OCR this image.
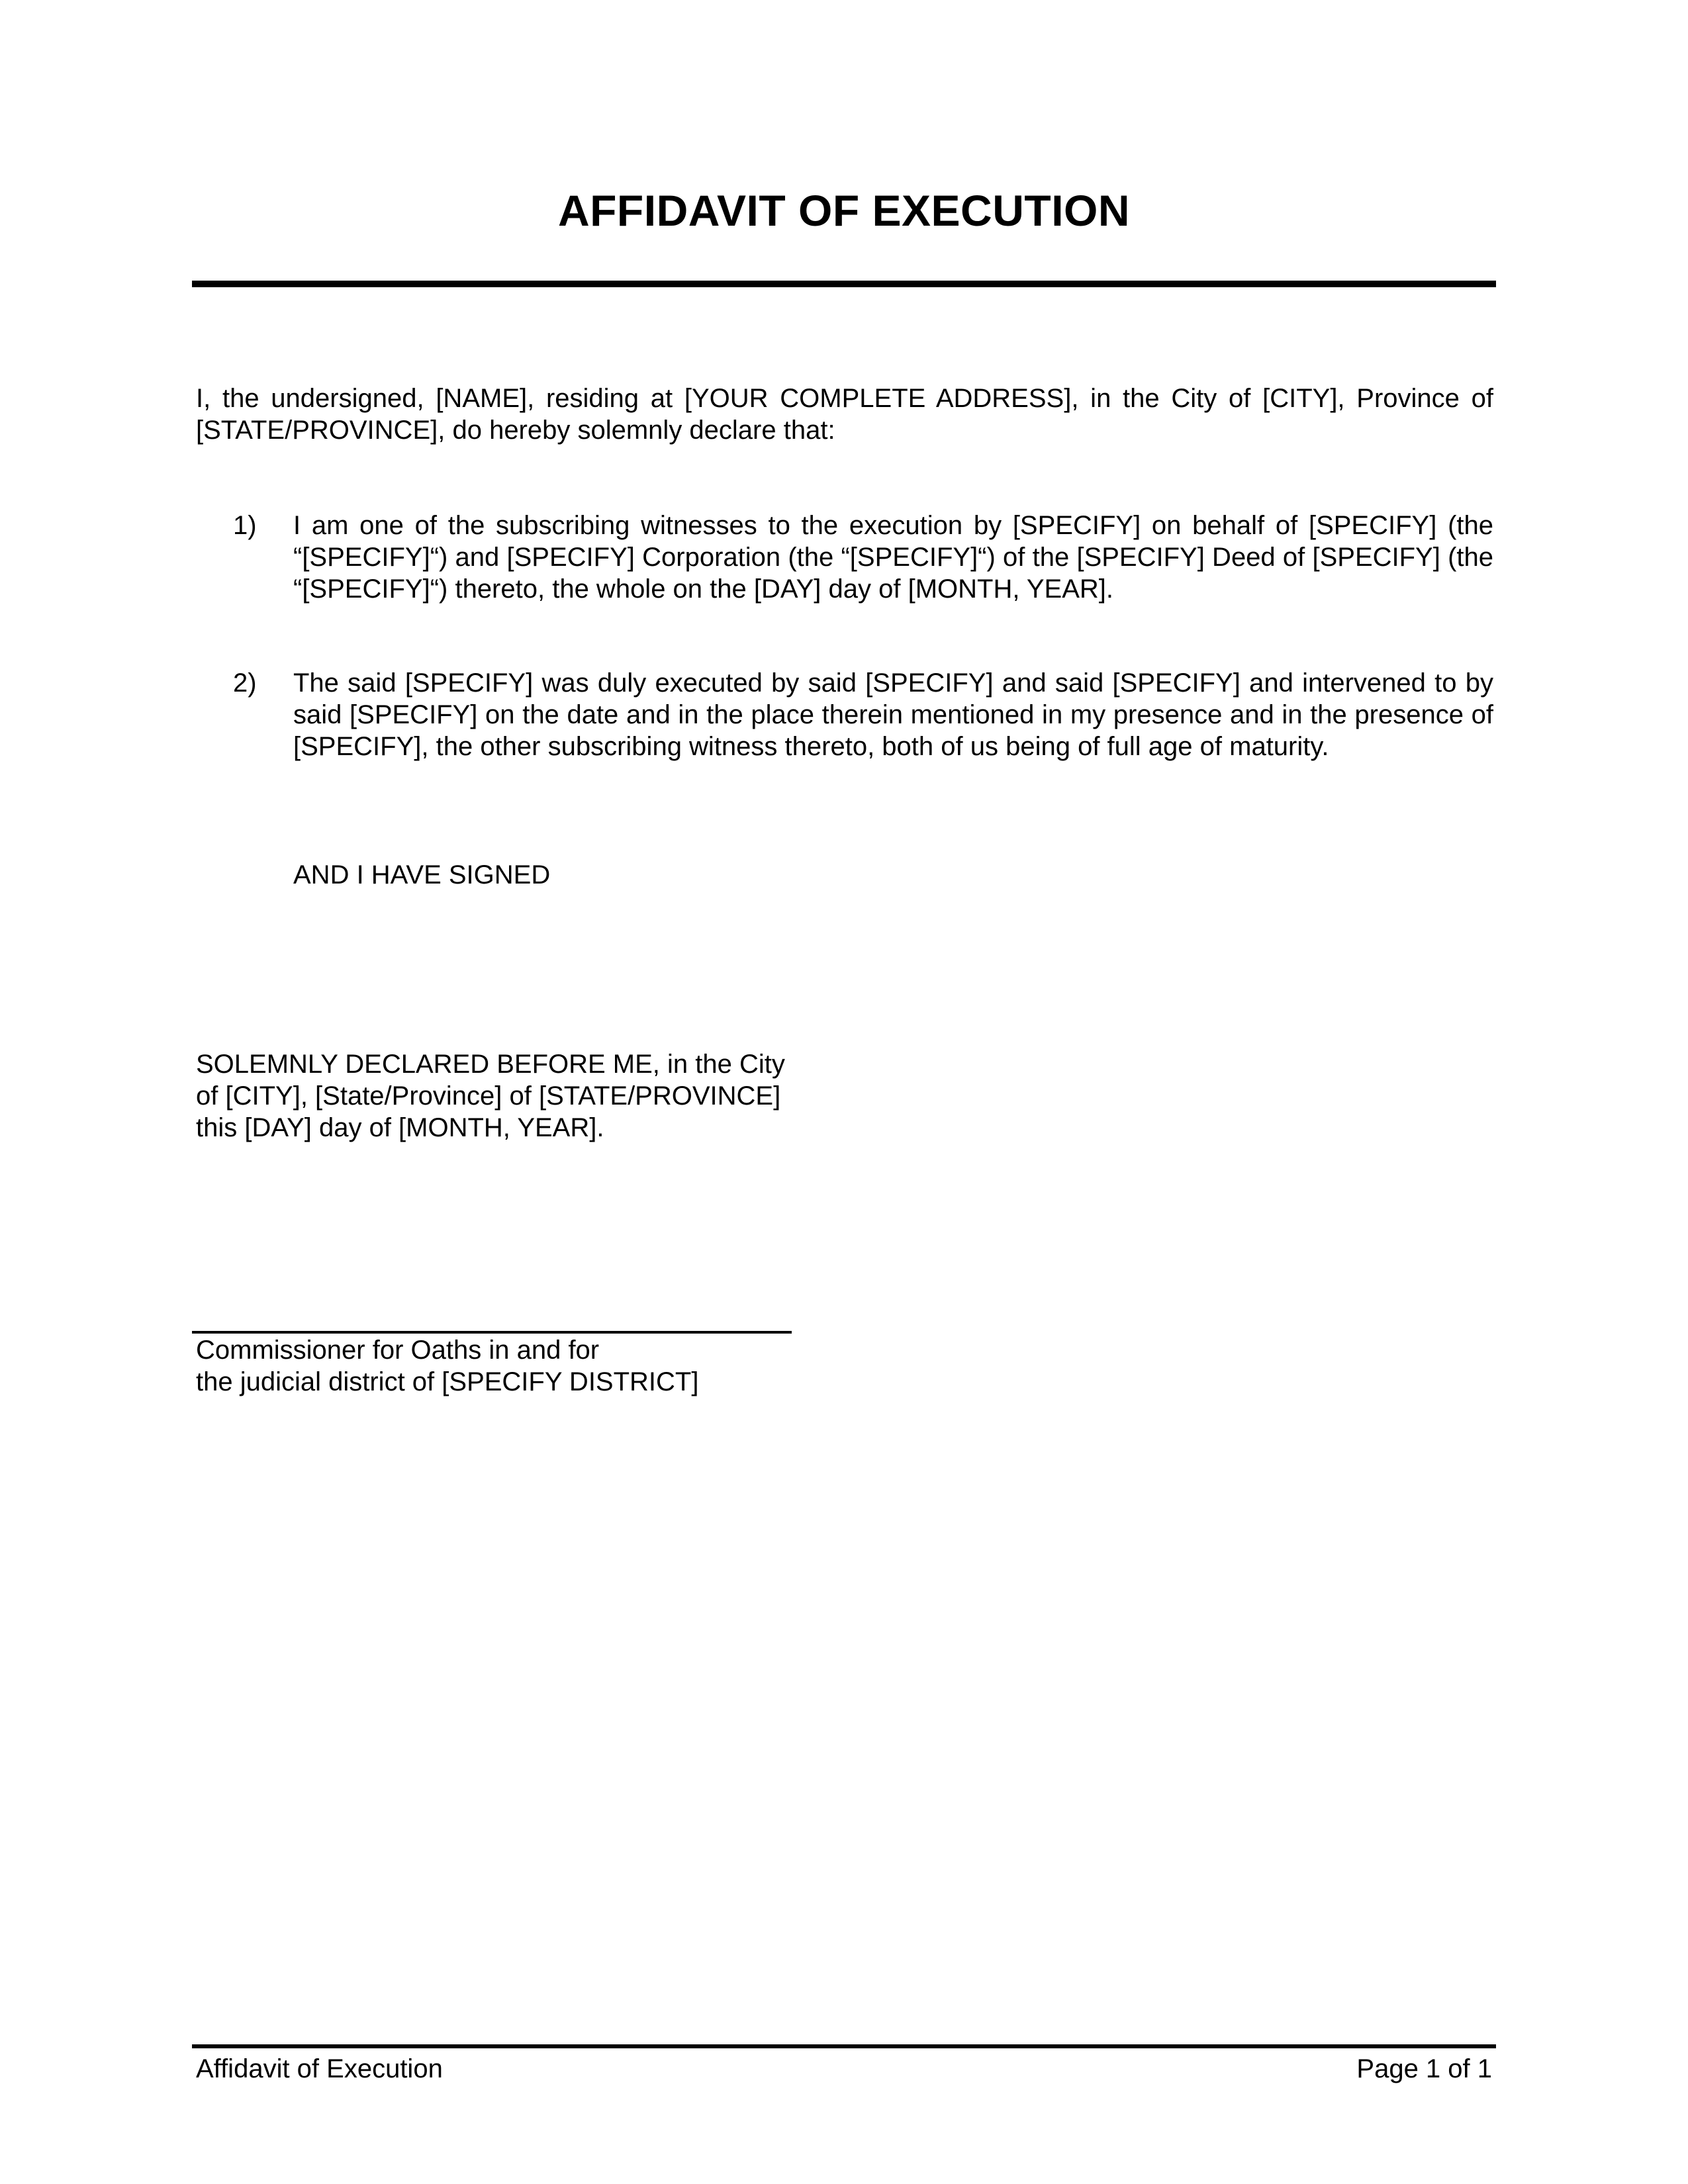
AFFIDAVIT OF EXECUTION
I, the undersigned, [NAME], residing at [YOUR COMPLETE ADDRESS], in the City of [CITY], Province of [STATE/PROVINCE], do hereby solemnly declare that:
1) I am one of the subscribing witnesses to the execution by [SPECIFY] on behalf of [SPECIFY] (the “[SPECIFY]“) and [SPECIFY] Corporation (the “[SPECIFY]“) of the [SPECIFY] Deed of [SPECIFY] (the “[SPECIFY]“) thereto, the whole on the [DAY] day of [MONTH, YEAR].
2) The said [SPECIFY] was duly executed by said [SPECIFY] and said [SPECIFY] and intervened to by said [SPECIFY] on the date and in the place therein mentioned in my presence and in the presence of [SPECIFY], the other subscribing witness thereto, both of us being of full age of maturity.
AND I HAVE SIGNED
SOLEMNLY DECLARED BEFORE ME, in the City
of [CITY], [State/Province] of [STATE/PROVINCE]
this [DAY] day of [MONTH, YEAR].
Commissioner for Oaths in and for
the judicial district of [SPECIFY DISTRICT]
Affidavit of Execution	Page 1 of 1
